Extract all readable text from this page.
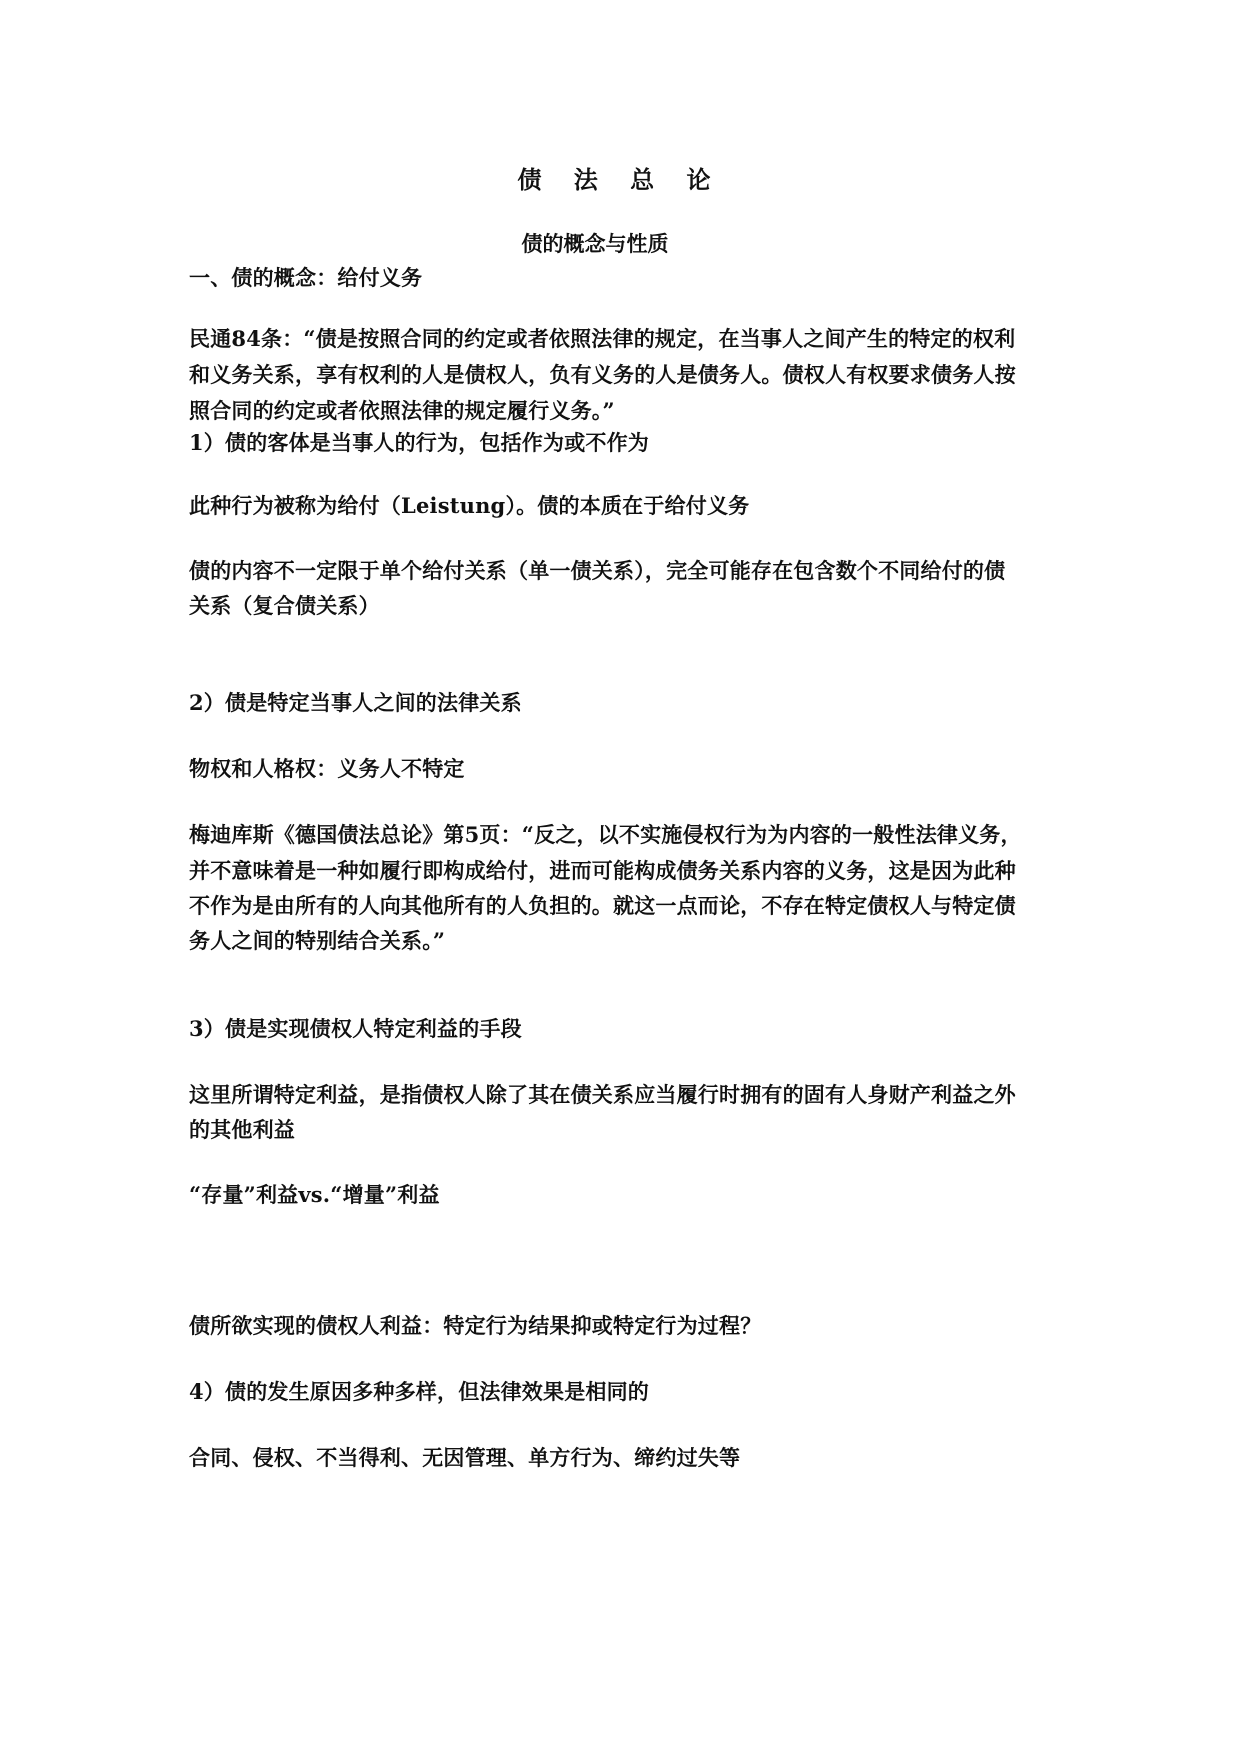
债 法 总 论
债的概念与性质
一、债的概念：给付义务
民通84条：“债是按照合同的约定或者依照法律的规定，在当事人之间产生的特定的权利
和义务关系，享有权利的人是债权人，负有义务的人是债务人。债权人有权要求债务人按
照合同的约定或者依照法律的规定履行义务。”
1）债的客体是当事人的行为，包括作为或不作为
此种行为被称为给付（Leistung）。债的本质在于给付义务
债的内容不一定限于单个给付关系（单一债关系），完全可能存在包含数个不同给付的债
关系（复合债关系）
2）债是特定当事人之间的法律关系
物权和人格权：义务人不特定
梅迪库斯《德国债法总论》第5页：“反之，以不实施侵权行为为内容的一般性法律义务，
并不意味着是一种如履行即构成给付，进而可能构成债务关系内容的义务，这是因为此种
不作为是由所有的人向其他所有的人负担的。就这一点而论，不存在特定债权人与特定债
务人之间的特别结合关系。”
3）债是实现债权人特定利益的手段
这里所谓特定利益，是指债权人除了其在债关系应当履行时拥有的固有人身财产利益之外
的其他利益
“存量”利益vs.“增量”利益
债所欲实现的债权人利益：特定行为结果抑或特定行为过程？
4）债的发生原因多种多样，但法律效果是相同的
合同、侵权、不当得利、无因管理、单方行为、缔约过失等
